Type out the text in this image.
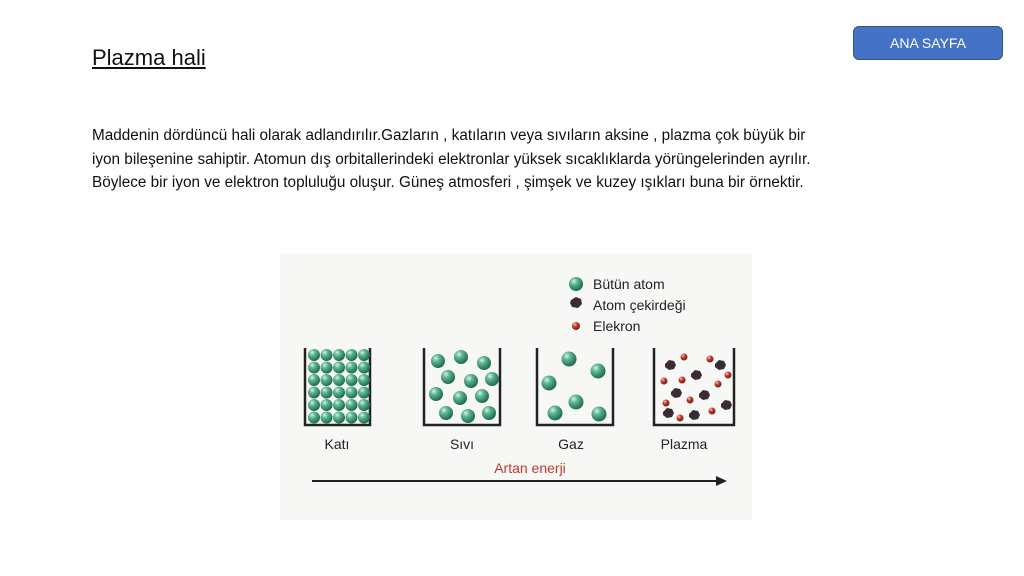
ANA SAYFA
Plazma hali

Maddenin dördüncü hali olarak adlandırılır.Gazların , katıların veya sıvıların aksine , plazma çok büyük bir
iyon bileşenine sahiptir. Atomun dış orbitallerindeki elektronlar yüksek sıcaklıklarda yörüngelerinden ayrılır.
Böylece bir iyon ve elektron topluluğu oluşur. Güneş atmosferi , şimşek ve kuzey ışıkları buna bir örnektir.

Bütün atom
Atom çekirdeği
Elekron
Katı	Sıvı	Gaz	Plazma
Artan enerji
